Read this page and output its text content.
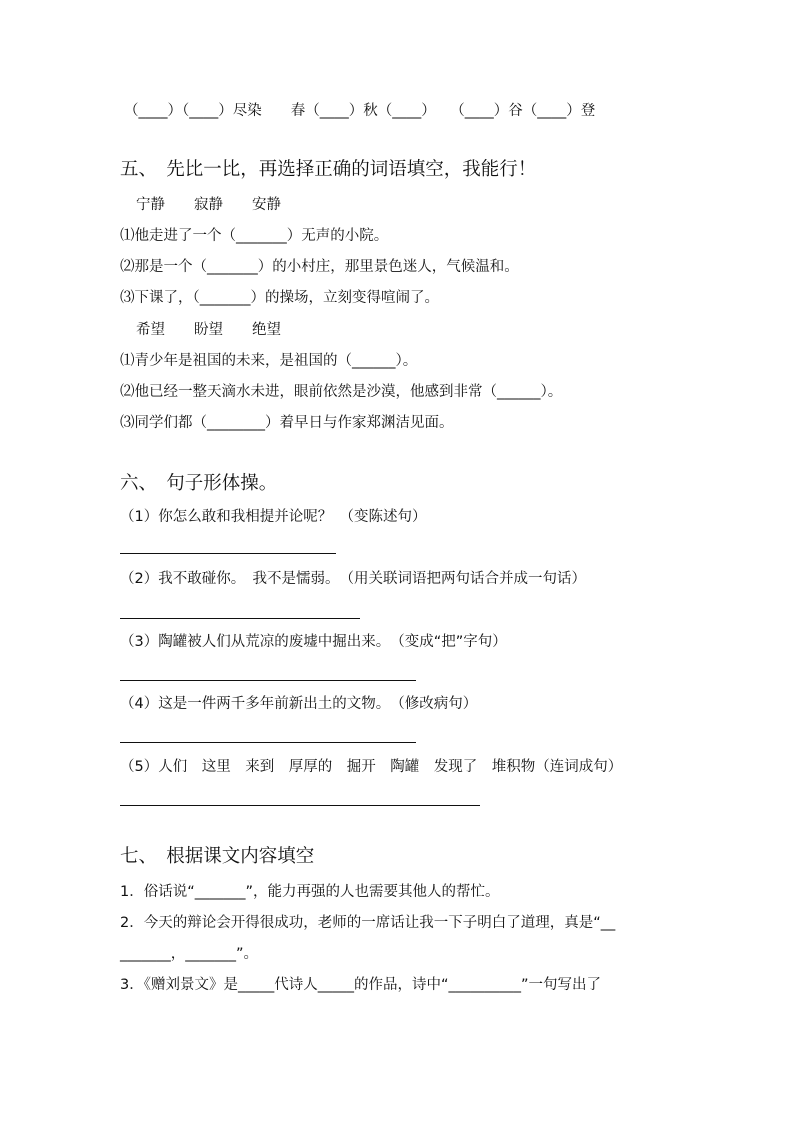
（____）（____）尽染　　春（____）秋（____）　　（____）谷（____）登
五、　先比一比，再选择正确的词语填空，我能行！
宁静　　寂静　　安静
⑴他走进了一个（_______）无声的小院。
⑵那是一个（_______）的小村庄，那里景色迷人，气候温和。
⑶下课了，（_______）的操场，立刻变得喧闹了。
希望　　盼望　　绝望
⑴青少年是祖国的未来，是祖国的（______）。
⑵他已经一整天滴水未进，眼前依然是沙漠，他感到非常（______）。
⑶同学们都（________）着早日与作家郑渊洁见面。
六、　句子形体操。
（1）你怎么敢和我相提并论呢？　（变陈述句）
（2）我不敢碰你。　我不是懦弱。　（用关联词语把两句话合并成一句话）
（3）陶罐被人们从荒凉的废墟中掘出来。　（变成“把”字句）
（4）这是一件两千多年前新出土的文物。　（修改病句）
（5）人们　这里　来到　厚厚的　掘开　陶罐　发现了　堆积物（连词成句）
七、　根据课文内容填空
1．俗话说“_______”，能力再强的人也需要其他人的帮忙。
2．今天的辩论会开得很成功，老师的一席话让我一下子明白了道理，真是“__
_______，_______”。
3．《赠刘景文》是_____代诗人_____的作品，诗中“__________”一句写出了
